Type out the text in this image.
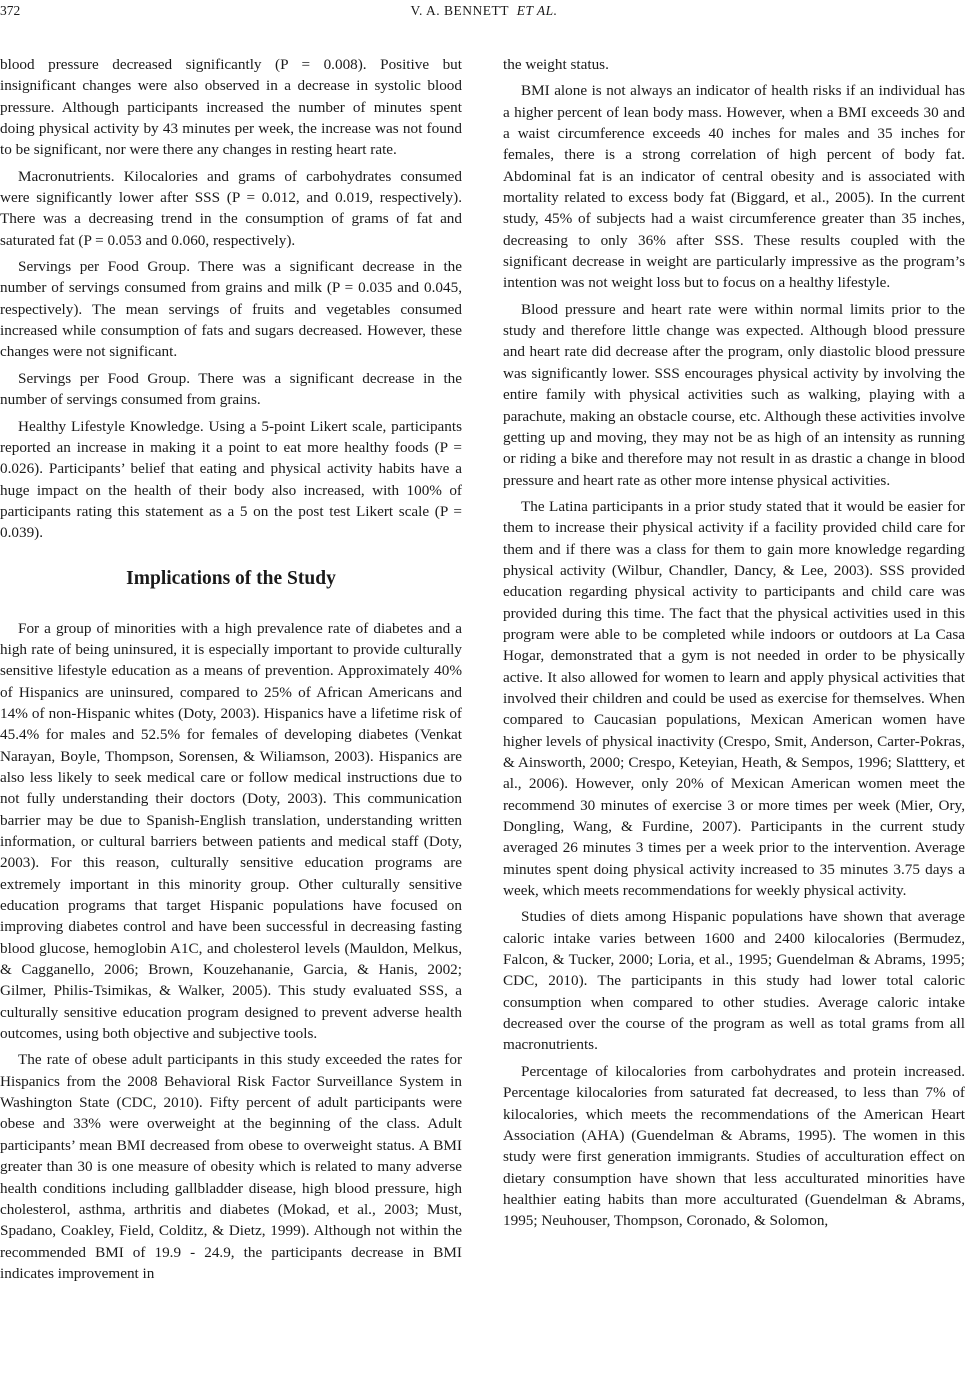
372	V. A. BENNETT ET AL.

blood pressure decreased significantly (P = 0.008). Positive but insignificant changes were also observed in a decrease in systolic blood pressure. Although participants increased the number of minutes spent doing physical activity by 43 minutes per week, the increase was not found to be significant, nor were there any changes in resting heart rate.

Macronutrients. Kilocalories and grams of carbohydrates consumed were significantly lower after SSS (P = 0.012, and 0.019, respectively). There was a decreasing trend in the consumption of grams of fat and saturated fat (P = 0.053 and 0.060, respectively).

Servings per Food Group. There was a significant decrease in the number of servings consumed from grains and milk (P = 0.035 and 0.045, respectively). The mean servings of fruits and vegetables consumed increased while consumption of fats and sugars decreased. However, these changes were not significant.

Servings per Food Group. There was a significant decrease in the number of servings consumed from grains.

Healthy Lifestyle Knowledge. Using a 5-point Likert scale, participants reported an increase in making it a point to eat more healthy foods (P = 0.026). Participants’ belief that eating and physical activity habits have a huge impact on the health of their body also increased, with 100% of participants rating this statement as a 5 on the post test Likert scale (P = 0.039).

Implications of the Study

For a group of minorities with a high prevalence rate of diabetes and a high rate of being uninsured, it is especially important to provide culturally sensitive lifestyle education as a means of prevention. Approximately 40% of Hispanics are uninsured, compared to 25% of African Americans and 14% of non-Hispanic whites (Doty, 2003). Hispanics have a lifetime risk of 45.4% for males and 52.5% for females of developing diabetes (Venkat Narayan, Boyle, Thompson, Sorensen, & Wiliamson, 2003). Hispanics are also less likely to seek medical care or follow medical instructions due to not fully understanding their doctors (Doty, 2003). This communication barrier may be due to Spanish-English translation, understanding written information, or cultural barriers between patients and medical staff (Doty, 2003). For this reason, culturally sensitive education programs are extremely important in this minority group. Other culturally sensitive education programs that target Hispanic populations have focused on improving diabetes control and have been successful in decreasing fasting blood glucose, hemoglobin A1C, and cholesterol levels (Mauldon, Melkus, & Cagganello, 2006; Brown, Kouzehananie, Garcia, & Hanis, 2002; Gilmer, Philis-Tsimikas, & Walker, 2005). This study evaluated SSS, a culturally sensitive education program designed to prevent adverse health outcomes, using both objective and subjective tools.

The rate of obese adult participants in this study exceeded the rates for Hispanics from the 2008 Behavioral Risk Factor Surveillance System in Washington State (CDC, 2010). Fifty percent of adult participants were obese and 33% were overweight at the beginning of the class. Adult participants’ mean BMI decreased from obese to overweight status. A BMI greater than 30 is one measure of obesity which is related to many adverse health conditions including gallbladder disease, high blood pressure, high cholesterol, asthma, arthritis and diabetes (Mokad, et al., 2003; Must, Spadano, Coakley, Field, Colditz, & Dietz, 1999). Although not within the recommended BMI of 19.9 - 24.9, the participants decrease in BMI indicates improvement in

the weight status.

BMI alone is not always an indicator of health risks if an individual has a higher percent of lean body mass. However, when a BMI exceeds 30 and a waist circumference exceeds 40 inches for males and 35 inches for females, there is a strong correlation of high percent of body fat. Abdominal fat is an indicator of central obesity and is associated with mortality related to excess body fat (Biggard, et al., 2005). In the current study, 45% of subjects had a waist circumference greater than 35 inches, decreasing to only 36% after SSS. These results coupled with the significant decrease in weight are particularly impressive as the program’s intention was not weight loss but to focus on a healthy lifestyle.

Blood pressure and heart rate were within normal limits prior to the study and therefore little change was expected. Although blood pressure and heart rate did decrease after the program, only diastolic blood pressure was significantly lower. SSS encourages physical activity by involving the entire family with physical activities such as walking, playing with a parachute, making an obstacle course, etc. Although these activities involve getting up and moving, they may not be as high of an intensity as running or riding a bike and therefore may not result in as drastic a change in blood pressure and heart rate as other more intense physical activities.

The Latina participants in a prior study stated that it would be easier for them to increase their physical activity if a facility provided child care for them and if there was a class for them to gain more knowledge regarding physical activity (Wilbur, Chandler, Dancy, & Lee, 2003). SSS provided education regarding physical activity to participants and child care was provided during this time. The fact that the physical activities used in this program were able to be completed while indoors or outdoors at La Casa Hogar, demonstrated that a gym is not needed in order to be physically active. It also allowed for women to learn and apply physical activities that involved their children and could be used as exercise for themselves. When compared to Caucasian populations, Mexican American women have higher levels of physical inactivity (Crespo, Smit, Anderson, Carter-Pokras, & Ainsworth, 2000; Crespo, Keteyian, Heath, & Sempos, 1996; Slatttery, et al., 2006). However, only 20% of Mexican American women meet the recommend 30 minutes of exercise 3 or more times per week (Mier, Ory, Dongling, Wang, & Furdine, 2007). Participants in the current study averaged 26 minutes 3 times per a week prior to the intervention. Average minutes spent doing physical activity increased to 35 minutes 3.75 days a week, which meets recommendations for weekly physical activity.

Studies of diets among Hispanic populations have shown that average caloric intake varies between 1600 and 2400 kilocalories (Bermudez, Falcon, & Tucker, 2000; Loria, et al., 1995; Guendelman & Abrams, 1995; CDC, 2010). The participants in this study had lower total caloric consumption when compared to other studies. Average caloric intake decreased over the course of the program as well as total grams from all macronutrients.

Percentage of kilocalories from carbohydrates and protein increased. Percentage kilocalories from saturated fat decreased, to less than 7% of kilocalories, which meets the recommendations of the American Heart Association (AHA) (Guendelman & Abrams, 1995). The women in this study were first generation immigrants. Studies of acculturation effect on dietary consumption have shown that less acculturated minorities have healthier eating habits than more acculturated (Guendelman & Abrams, 1995; Neuhouser, Thompson, Coronado, & Solomon,
